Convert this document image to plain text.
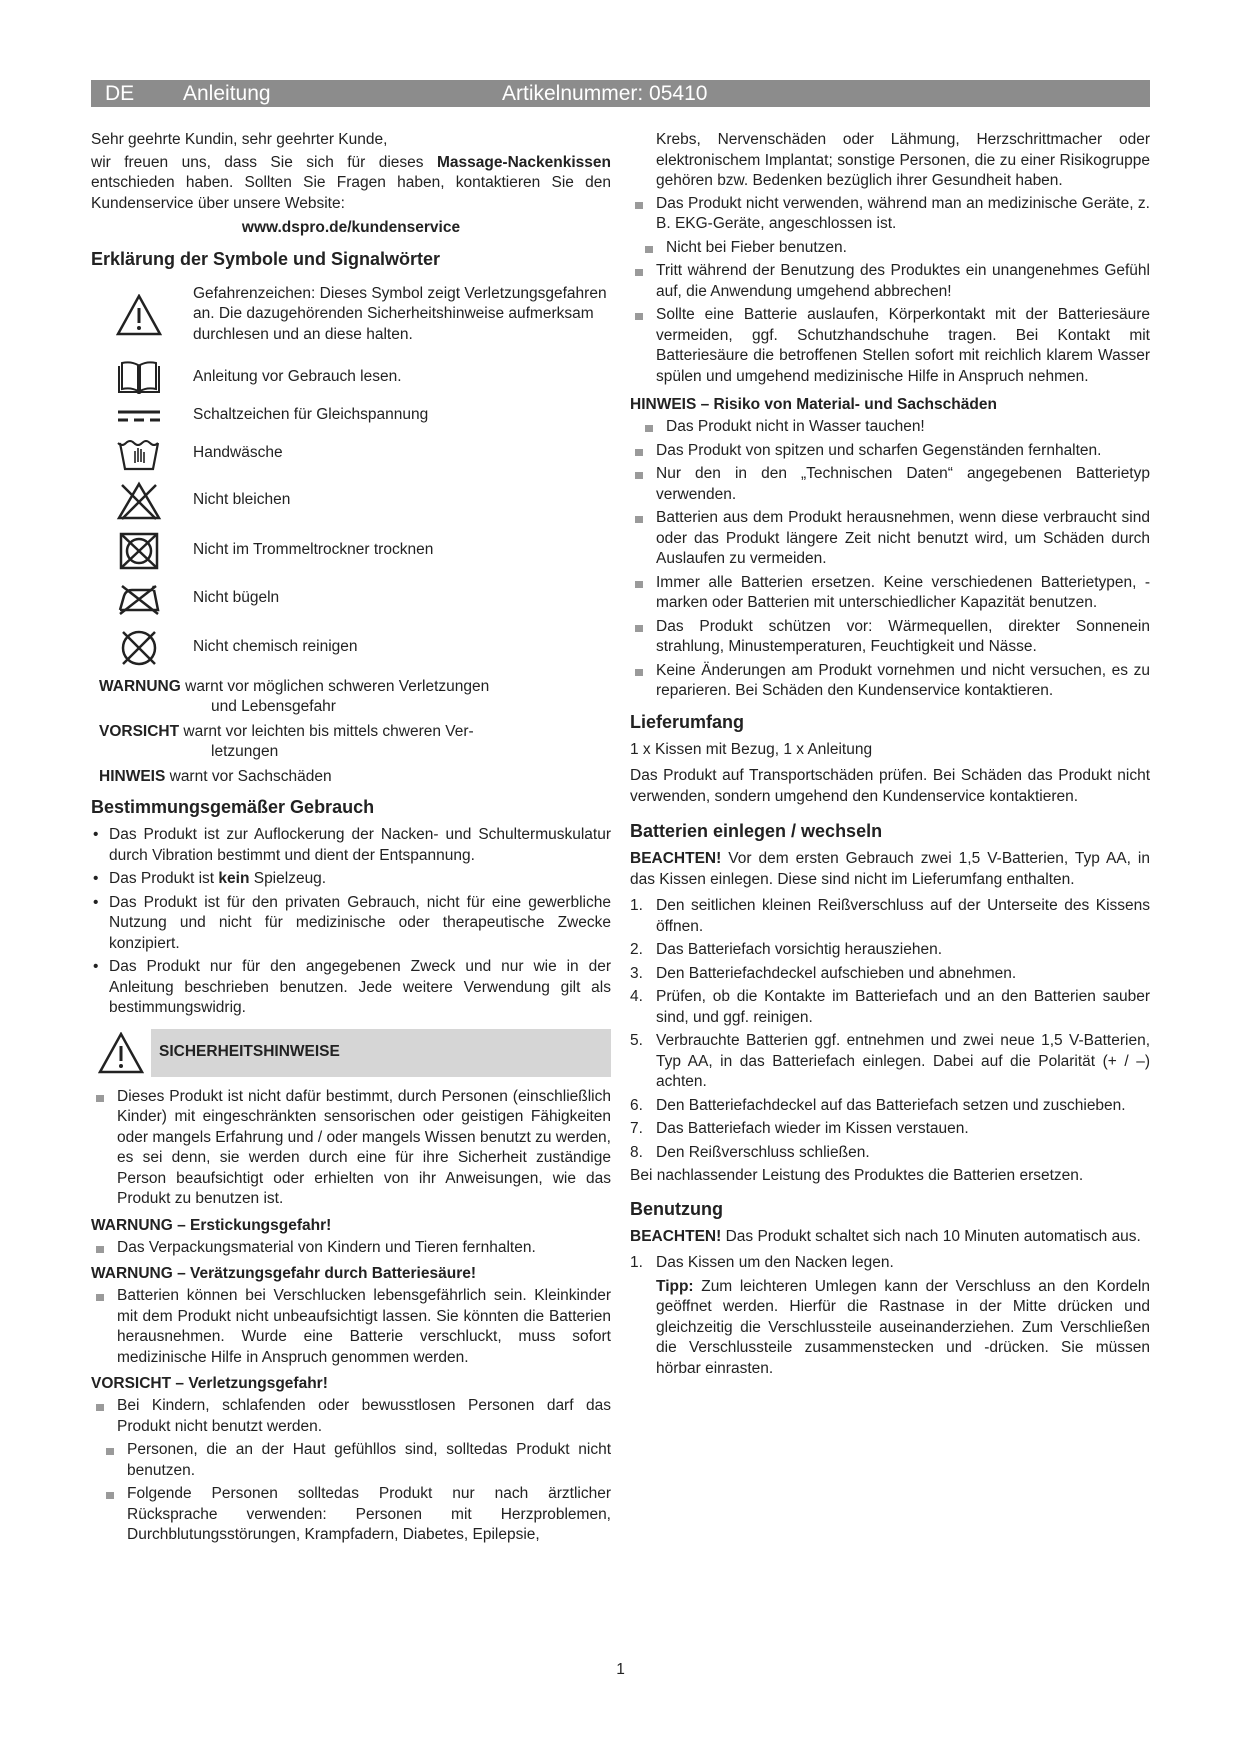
DE Anleitung	Artikelnummer: 05410

Sehr geehrte Kundin, sehr geehrter Kunde,

wir freuen uns, dass Sie sich für dieses Massage-Nackenkissen entschieden haben. Sollten Sie Fragen haben, kontaktieren Sie den Kundenservice über unsere Website:

www.dspro.de/kundenservice

Erklärung der Symbole und Signalwörter
Gefahrenzeichen: Dieses Symbol zeigt Verletzungsgefahren an. Die dazugehörenden Sicherheitshinweise aufmerksam durchlesen und an diese halten.
Anleitung vor Gebrauch lesen.
Schaltzeichen für Gleichspannung
Handwäsche
Nicht bleichen
Nicht im Trommeltrockner trocknen
Nicht bügeln
Nicht chemisch reinigen

WARNUNG warnt vor möglichen schweren Verletzungen
und Lebensgefahr

VORSICHT warnt vor leichten bis mittels chweren Ver-
letzungen

HINWEIS warnt vor Sachschäden

Bestimmungsgemäßer Gebrauch
• Das Produkt ist zur Auflockerung der Nacken- und Schultermuskulatur durch Vibration bestimmt und dient der Entspannung.
• Das Produkt ist kein Spielzeug.
• Das Produkt ist für den privaten Gebrauch, nicht für eine gewerbliche Nutzung und nicht für medizinische oder therapeutische Zwecke konzipiert.
• Das Produkt nur für den angegebenen Zweck und nur wie in der Anleitung beschrieben benutzen. Jede weitere Verwendung gilt als bestimmungswidrig.
SICHERHEITSHINWEISE
Dieses Produkt ist nicht dafür bestimmt, durch Personen (einschließlich Kinder) mit eingeschränkten sensorischen oder geistigen Fähigkeiten oder mangels Erfahrung und / oder mangels Wissen benutzt zu werden, es sei denn, sie werden durch eine für ihre Sicherheit zuständige Person beaufsichtigt oder erhielten von ihr Anweisungen, wie das Produkt zu benutzen ist.
WARNUNG – Erstickungsgefahr!
Das Verpackungsmaterial von Kindern und Tieren fernhalten.
WARNUNG – Verätzungsgefahr durch Batteriesäure!
Batterien können bei Verschlucken lebensgefährlich sein. Kleinkinder mit dem Produkt nicht unbeaufsichtigt lassen. Sie könnten die Batterien herausnehmen. Wurde eine Batterie verschluckt, muss sofort medizinische Hilfe in Anspruch genommen werden.
VORSICHT – Verletzungsgefahr!
Bei Kindern, schlafenden oder bewusstlosen Personen darf das Produkt nicht benutzt werden.
Personen, die an der Haut gefühllos sind, solltedas Produkt nicht benutzen.
Folgende Personen solltedas Produkt nur nach ärztlicher Rücksprache verwenden: Personen mit Herzproblemen, Durchblutungsstörungen, Krampfadern, Diabetes, Epilepsie,

Krebs, Nervenschäden oder Lähmung, Herzschrittmacher oder elektronischem Implantat; sonstige Personen, die zu einer Risikogruppe gehören bzw. Bedenken bezüglich ihrer Gesundheit haben.

Das Produkt nicht verwenden, während man an medizinische Geräte, z. B. EKG-Geräte, angeschlossen ist.
Nicht bei Fieber benutzen.
Tritt während der Benutzung des Produktes ein unangenehmes Gefühl auf, die Anwendung umgehend abbrechen!
Sollte eine Batterie auslaufen, Körperkontakt mit der Batteriesäure vermeiden, ggf. Schutzhandschuhe tragen. Bei Kontakt mit Batteriesäure die betroffenen Stellen sofort mit reichlich klarem Wasser spülen und umgehend medizinische Hilfe in Anspruch nehmen.
HINWEIS – Risiko von Material- und Sachschäden
Das Produkt nicht in Wasser tauchen!
Das Produkt von spitzen und scharfen Gegenständen fernhalten.
Nur den in den „Technischen Daten“ angegebenen Batterietyp verwenden.
Batterien aus dem Produkt herausnehmen, wenn diese verbraucht sind oder das Produkt längere Zeit nicht benutzt wird, um Schäden durch Auslaufen zu vermeiden.
Immer alle Batterien ersetzen. Keine verschiedenen Batterietypen, -marken oder Batterien mit unterschiedlicher Kapazität benutzen.
Das Produkt schützen vor: Wärmequellen, direkter Sonnenein strahlung, Minustemperaturen, Feuchtigkeit und Nässe.
Keine Änderungen am Produkt vornehmen und nicht versuchen, es zu reparieren. Bei Schäden den Kundenservice kontaktieren.
Lieferumfang

1 x Kissen mit Bezug, 1 x Anleitung

Das Produkt auf Transportschäden prüfen. Bei Schäden das Produkt nicht verwenden, sondern umgehend den Kundenservice kontaktieren.

Batterien einlegen / wechseln

BEACHTEN! Vor dem ersten Gebrauch zwei 1,5 V-Batterien, Typ AA, in das Kissen einlegen. Diese sind nicht im Lieferumfang enthalten.

1. Den seitlichen kleinen Reißverschluss auf der Unterseite des Kissens öffnen.
2. Das Batteriefach vorsichtig herausziehen.
3. Den Batteriefachdeckel aufschieben und abnehmen.
4. Prüfen, ob die Kontakte im Batteriefach und an den Batterien sauber sind, und ggf. reinigen.
5. Verbrauchte Batterien ggf. entnehmen und zwei neue 1,5 V-Batterien, Typ AA, in das Batteriefach einlegen. Dabei auf die Polarität (+ / –) achten.
6. Den Batteriefachdeckel auf das Batteriefach setzen und zuschieben.
7. Das Batteriefach wieder im Kissen verstauen.
8. Den Reißverschluss schließen.

Bei nachlassender Leistung des Produktes die Batterien ersetzen.

Benutzung

BEACHTEN! Das Produkt schaltet sich nach 10 Minuten automatisch aus.

1. Das Kissen um den Nacken legen.

Tipp: Zum leichteren Umlegen kann der Verschluss an den Kordeln geöffnet werden. Hierfür die Rastnase in der Mitte drücken und gleichzeitig die Verschlussteile auseinanderziehen. Zum Verschließen die Verschlussteile zusammenstecken und -drücken. Sie müssen hörbar einrasten.

1
